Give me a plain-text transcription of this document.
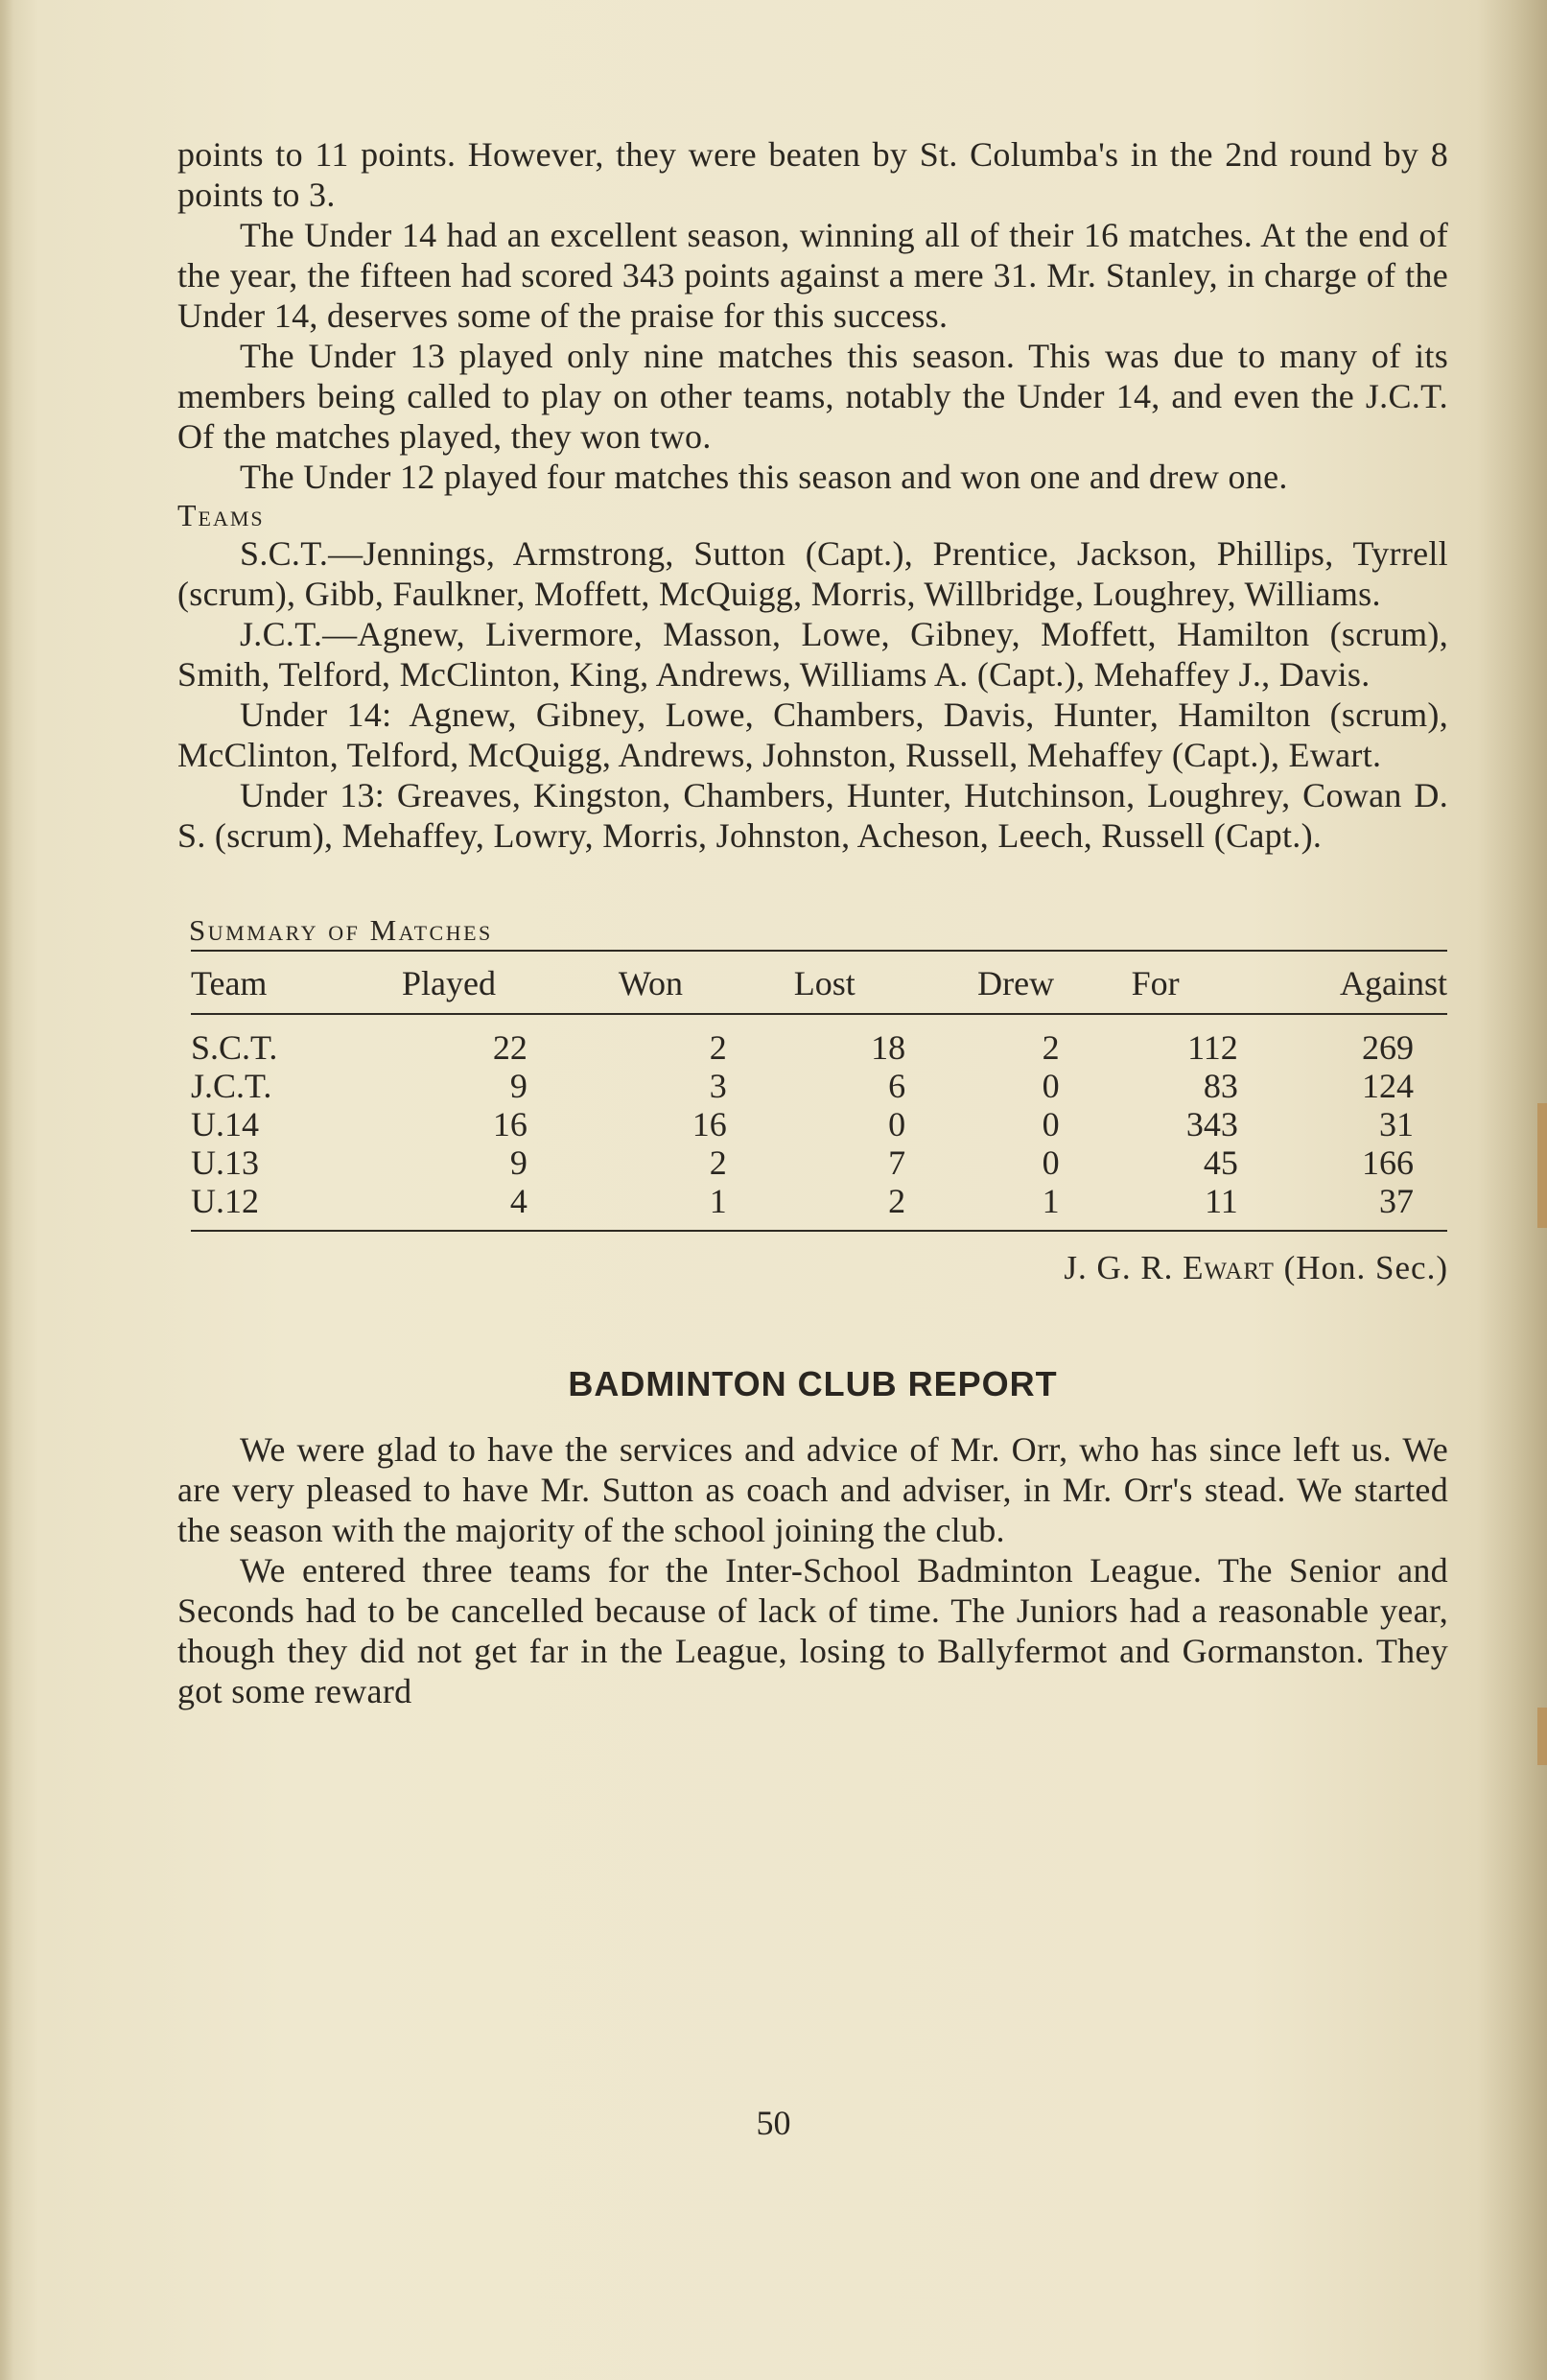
points to 11 points. However, they were beaten by St. Columba's in the 2nd round by 8 points to 3.

The Under 14 had an excellent season, winning all of their 16 matches. At the end of the year, the fifteen had scored 343 points against a mere 31. Mr. Stanley, in charge of the Under 14, deserves some of the praise for this success.

The Under 13 played only nine matches this season. This was due to many of its members being called to play on other teams, notably the Under 14, and even the J.C.T. Of the matches played, they won two.

The Under 12 played four matches this season and won one and drew one.

Teams

S.C.T.—Jennings, Armstrong, Sutton (Capt.), Prentice, Jackson, Phillips, Tyrrell (scrum), Gibb, Faulkner, Moffett, McQuigg, Morris, Willbridge, Loughrey, Williams.

J.C.T.—Agnew, Livermore, Masson, Lowe, Gibney, Moffett, Hamilton (scrum), Smith, Telford, McClinton, King, Andrews, Williams A. (Capt.), Mehaffey J., Davis.

Under 14: Agnew, Gibney, Lowe, Chambers, Davis, Hunter, Hamilton (scrum), McClinton, Telford, McQuigg, Andrews, Johnston, Russell, Mehaffey (Capt.), Ewart.

Under 13: Greaves, Kingston, Chambers, Hunter, Hutchinson, Loughrey, Cowan D. S. (scrum), Mehaffey, Lowry, Morris, Johnston, Acheson, Leech, Russell (Capt.).

Summary of Matches
Team	Played	Won	Lost	Drew	For	Against
S.C.T.	22	2	18	2	112	269
J.C.T.	9	3	6	0	83	124
U.14	16	16	0	0	343	31
U.13	9	2	7	0	45	166
U.12	4	1	2	1	11	37
J. G. R. Ewart (Hon. Sec.)
BADMINTON CLUB REPORT

We were glad to have the services and advice of Mr. Orr, who has since left us. We are very pleased to have Mr. Sutton as coach and adviser, in Mr. Orr's stead. We started the season with the majority of the school joining the club.

We entered three teams for the Inter-School Badminton League. The Senior and Seconds had to be cancelled because of lack of time. The Juniors had a reasonable year, though they did not get far in the League, losing to Ballyfermot and Gormanston. They got some reward

50
